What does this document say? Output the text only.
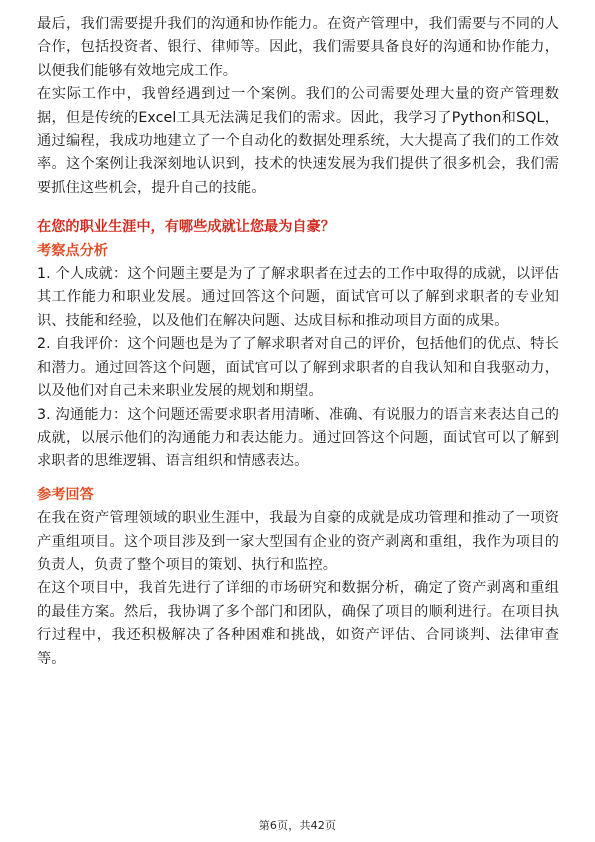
最后，我们需要提升我们的沟通和协作能力。在资产管理中，我们需要与不同的人合作，包括投资者、银行、律师等。因此，我们需要具备良好的沟通和协作能力，以便我们能够有效地完成工作。

在实际工作中，我曾经遇到过一个案例。我们的公司需要处理大量的资产管理数据，但是传统的Excel工具无法满足我们的需求。因此，我学习了Python和SQL，通过编程，我成功地建立了一个自动化的数据处理系统，大大提高了我们的工作效率。这个案例让我深刻地认识到，技术的快速发展为我们提供了很多机会，我们需要抓住这些机会，提升自己的技能。

在您的职业生涯中，有哪些成就让您最为自豪？
考察点分析

1. 个人成就：这个问题主要是为了了解求职者在过去的工作中取得的成就，以评估其工作能力和职业发展。通过回答这个问题，面试官可以了解到求职者的专业知识、技能和经验，以及他们在解决问题、达成目标和推动项目方面的成果。

2. 自我评价：这个问题也是为了了解求职者对自己的评价，包括他们的优点、特长和潜力。通过回答这个问题，面试官可以了解到求职者的自我认知和自我驱动力，以及他们对自己未来职业发展的规划和期望。

3. 沟通能力：这个问题还需要求职者用清晰、准确、有说服力的语言来表达自己的成就，以展示他们的沟通能力和表达能力。通过回答这个问题，面试官可以了解到求职者的思维逻辑、语言组织和情感表达。

参考回答

在我在资产管理领域的职业生涯中，我最为自豪的成就是成功管理和推动了一项资产重组项目。这个项目涉及到一家大型国有企业的资产剥离和重组，我作为项目的负责人，负责了整个项目的策划、执行和监控。

在这个项目中，我首先进行了详细的市场研究和数据分析，确定了资产剥离和重组的最佳方案。然后，我协调了多个部门和团队，确保了项目的顺利进行。在项目执行过程中，我还积极解决了各种困难和挑战，如资产评估、合同谈判、法律审查等。

第6页，共42页
